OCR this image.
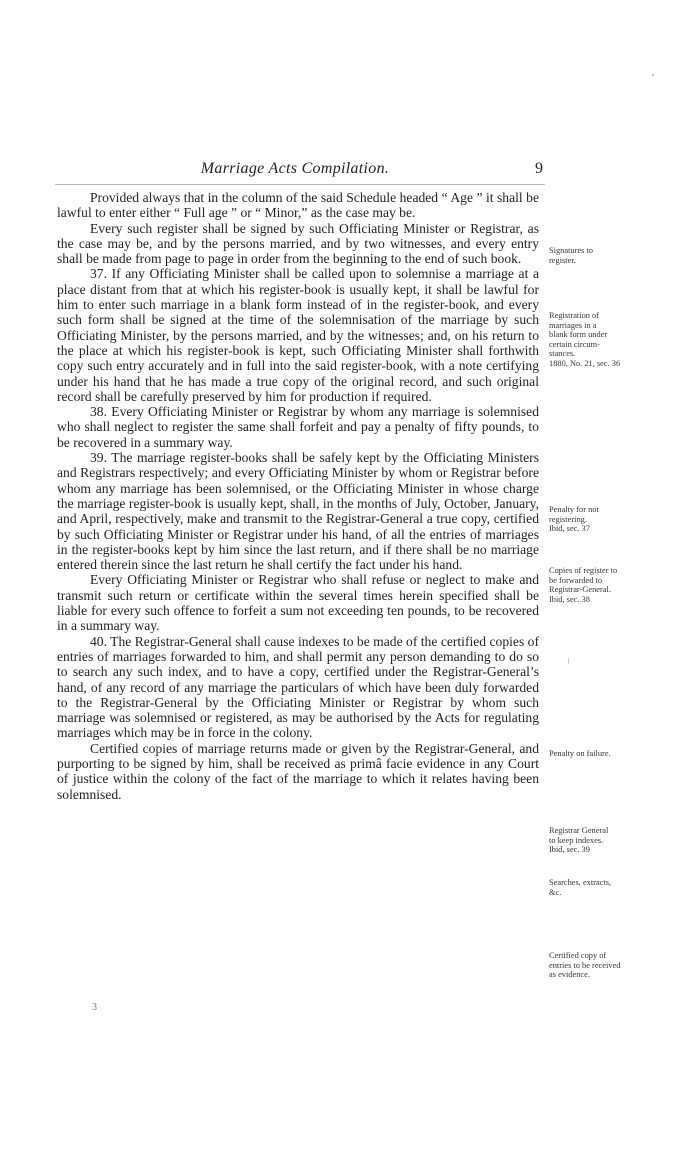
Marriage Acts Compilation.	9

Provided always that in the column of the said Schedule headed “ Age ” it shall be lawful to enter either “ Full age ” or “ Minor,” as the case may be.

Every such register shall be signed by such Officiating Minister or Registrar, as the case may be, and by the persons married, and by two witnesses, and every entry shall be made from page to page in order from the beginning to the end of such book.

37. If any Officiating Minister shall be called upon to solemnise a marriage at a place distant from that at which his register-book is usually kept, it shall be lawful for him to enter such marriage in a blank form instead of in the register-book, and every such form shall be signed at the time of the solemnisation of the marriage by such Officiating Minister, by the persons married, and by the witnesses; and, on his return to the place at which his register-book is kept, such Officiating Minister shall forthwith copy such entry accurately and in full into the said register-book, with a note certifying under his hand that he has made a true copy of the original record, and such original record shall be carefully preserved by him for production if required.

38. Every Officiating Minister or Registrar by whom any marriage is solemnised who shall neglect to register the same shall forfeit and pay a penalty of fifty pounds, to be recovered in a summary way.

39. The marriage register-books shall be safely kept by the Officiating Ministers and Registrars respectively; and every Officiating Minister by whom or Registrar before whom any marriage has been solemnised, or the Officiating Minister in whose charge the marriage register-book is usually kept, shall, in the months of July, October, January, and April, respectively, make and transmit to the Registrar-General a true copy, certified by such Officiating Minister or Registrar under his hand, of all the entries of marriages in the register-books kept by him since the last return, and if there shall be no marriage entered therein since the last return he shall certify the fact under his hand.

Every Officiating Minister or Registrar who shall refuse or neglect to make and transmit such return or certificate within the several times herein specified shall be liable for every such offence to forfeit a sum not exceeding ten pounds, to be recovered in a summary way.

40. The Registrar-General shall cause indexes to be made of the certified copies of entries of marriages forwarded to him, and shall permit any person demanding to do so to search any such index, and to have a copy, certified under the Registrar-General’s hand, of any record of any marriage the particulars of which have been duly forwarded to the Registrar-General by the Officiating Minister or Registrar by whom such marriage was solemnised or registered, as may be authorised by the Acts for regulating marriages which may be in force in the colony.

Certified copies of marriage returns made or given by the Registrar-General, and purporting to be signed by him, shall be received as primâ facie evidence in any Court of justice within the colony of the fact of the marriage to which it relates having been solemnised.

3
Signatures to
register.
Registration of
marriages in a
blank form under
certain circum-
stances.
1880, No. 21, sec. 36
Penalty for not
registering.
Ibid, sec. 37
Copies of register to
be forwarded to
Registrar-General.
Ibid, sec. 38
Penalty on failure.
Registrar General
to keep indexes.
Ibid, sec. 39
Searches, extracts,
&c.
Certified copy of
entries to be received
as evidence.
